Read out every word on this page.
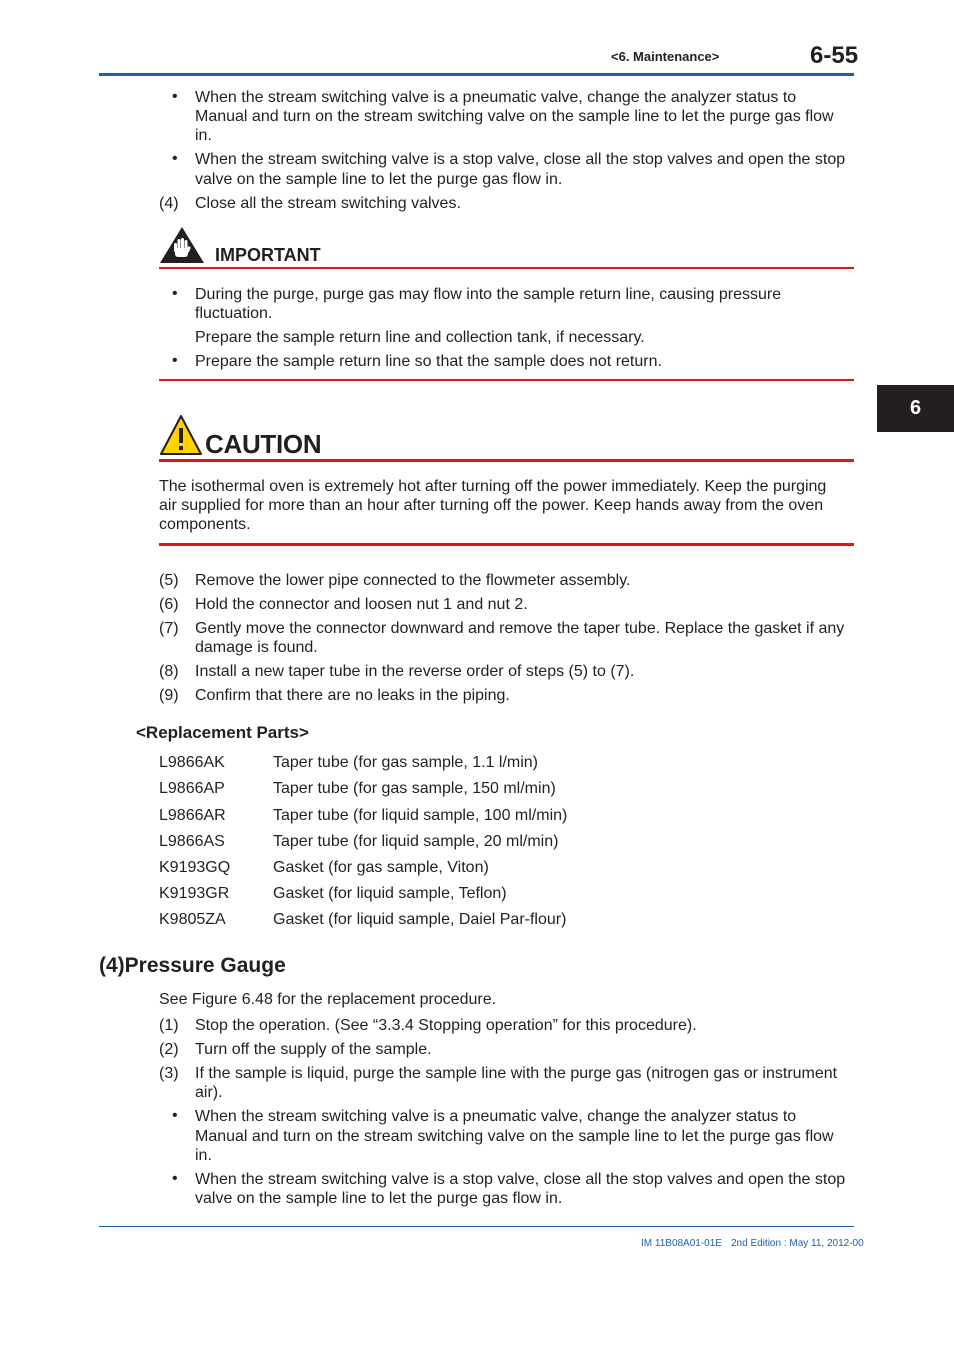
<6. Maintenance>	6-55
6
• When the stream switching valve is a pneumatic valve, change the analyzer status to
Manual and turn on the stream switching valve on the sample line to let the purge gas flow
in.
• When the stream switching valve is a stop valve, close all the stop valves and open the stop
valve on the sample line to let the purge gas flow in.
(4) Close all the stream switching valves.
IMPORTANT
• During the purge, purge gas may flow into the sample return line, causing pressure
fluctuation.
Prepare the sample return line and collection tank, if necessary.
• Prepare the sample return line so that the sample does not return.
CAUTION
The isothermal oven is extremely hot after turning off the power immediately. Keep the purging
air supplied for more than an hour after turning off the power. Keep hands away from the oven
components.
(5) Remove the lower pipe connected to the flowmeter assembly.
(6) Hold the connector and loosen nut 1 and nut 2.
(7) Gently move the connector downward and remove the taper tube. Replace the gasket if any
damage is found.
(8) Install a new taper tube in the reverse order of steps (5) to (7).
(9) Confirm that there are no leaks in the piping.
<Replacement Parts>
L9866AK	Taper tube (for gas sample, 1.1 l/min)
L9866AP	Taper tube (for gas sample, 150 ml/min)
L9866AR	Taper tube (for liquid sample, 100 ml/min)
L9866AS	Taper tube (for liquid sample, 20 ml/min)
K9193GQ	Gasket (for gas sample, Viton)
K9193GR	Gasket (for liquid sample, Teflon)
K9805ZA	Gasket (for liquid sample, Daiel Par-flour)
(4)Pressure Gauge
See Figure 6.48 for the replacement procedure.
(1) Stop the operation. (See “3.3.4 Stopping operation” for this procedure).
(2) Turn off the supply of the sample.
(3) If the sample is liquid, purge the sample line with the purge gas (nitrogen gas or instrument
air).
• When the stream switching valve is a pneumatic valve, change the analyzer status to
Manual and turn on the stream switching valve on the sample line to let the purge gas flow
in.
• When the stream switching valve is a stop valve, close all the stop valves and open the stop
valve on the sample line to let the purge gas flow in.
IM 11B08A01-01E 2nd Edition : May 11, 2012-00
